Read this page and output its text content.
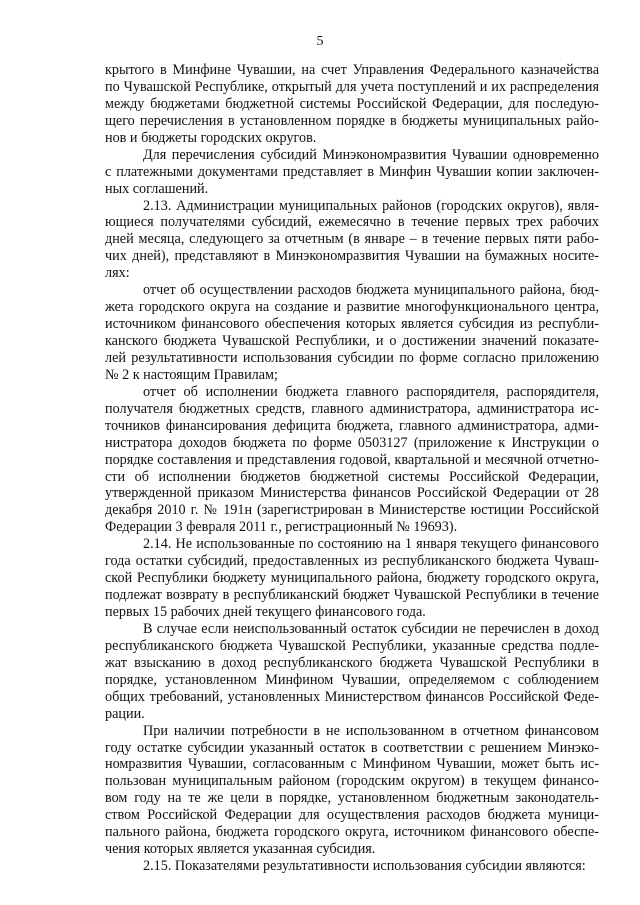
5
крытого в Минфине Чувашии, на счет Управления Федерального казначейства
по Чувашской Республике, открытый для учета поступлений и их распределения
между бюджетами бюджетной системы Российской Федерации, для последую-
щего перечисления в установленном порядке в бюджеты муниципальных райо-
нов и бюджеты городских округов.
Для перечисления субсидий Минэкономразвития Чувашии одновременно
с платежными документами представляет в Минфин Чувашии копии заключен-
ных соглашений.
2.13. Администрации муниципальных районов (городских округов), явля-
ющиеся получателями субсидий, ежемесячно в течение первых трех рабочих
дней месяца, следующего за отчетным (в январе – в течение первых пяти рабо-
чих дней), представляют в Минэкономразвития Чувашии на бумажных носите-
лях:
отчет об осуществлении расходов бюджета муниципального района, бюд-
жета городского округа на создание и развитие многофункционального центра,
источником финансового обеспечения которых является субсидия из республи-
канского бюджета Чувашской Республики, и о достижении значений показате-
лей результативности использования субсидии по форме согласно приложению
№ 2 к настоящим Правилам;
отчет об исполнении бюджета главного распорядителя, распорядителя,
получателя бюджетных средств, главного администратора, администратора ис-
точников финансирования дефицита бюджета, главного администратора, адми-
нистратора доходов бюджета по форме 0503127 (приложение к Инструкции о
порядке составления и представления годовой, квартальной и месячной отчетно-
сти об исполнении бюджетов бюджетной системы Российской Федерации,
утвержденной приказом Министерства финансов Российской Федерации от 28
декабря 2010 г. № 191н (зарегистрирован в Министерстве юстиции Российской
Федерации 3 февраля 2011 г., регистрационный № 19693).
2.14. Не использованные по состоянию на 1 января текущего финансового
года остатки субсидий, предоставленных из республиканского бюджета Чуваш-
ской Республики бюджету муниципального района, бюджету городского округа,
подлежат возврату в республиканский бюджет Чувашской Республики в течение
первых 15 рабочих дней текущего финансового года.
В случае если неиспользованный остаток субсидии не перечислен в доход
республиканского бюджета Чувашской Республики, указанные средства подле-
жат взысканию в доход республиканского бюджета Чувашской Республики в
порядке, установленном Минфином Чувашии, определяемом с соблюдением
общих требований, установленных Министерством финансов Российской Феде-
рации.
При наличии потребности в не использованном в отчетном финансовом
году остатке субсидии указанный остаток в соответствии с решением Минэко-
номразвития Чувашии, согласованным с Минфином Чувашии, может быть ис-
пользован муниципальным районом (городским округом) в текущем финансо-
вом году на те же цели в порядке, установленном бюджетным законодатель-
ством Российской Федерации для осуществления расходов бюджета муници-
пального района, бюджета городского округа, источником финансового обеспе-
чения которых является указанная субсидия.
2.15. Показателями результативности использования субсидии являются:
